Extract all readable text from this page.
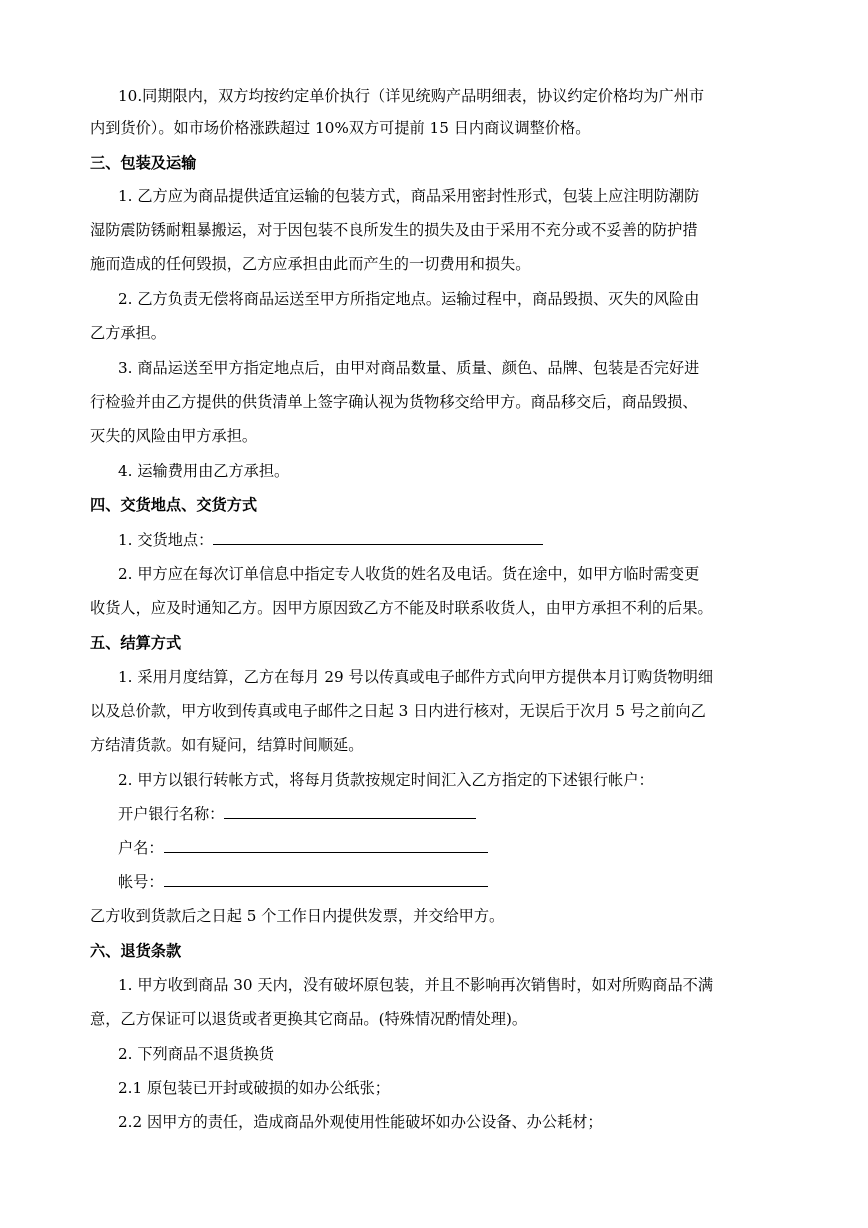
10.同期限内，双方均按约定单价执行（详见统购产品明细表，协议约定价格均为广州市
内到货价）。如市场价格涨跌超过 10%双方可提前 15 日内商议调整价格。
三、包装及运输
1. 乙方应为商品提供适宜运输的包装方式，商品采用密封性形式，包装上应注明防潮防
湿防震防锈耐粗暴搬运，对于因包装不良所发生的损失及由于采用不充分或不妥善的防护措
施而造成的任何毁损，乙方应承担由此而产生的一切费用和损失。
2. 乙方负责无偿将商品运送至甲方所指定地点。运输过程中，商品毁损、灭失的风险由
乙方承担。
3. 商品运送至甲方指定地点后，由甲对商品数量、质量、颜色、品牌、包装是否完好进
行检验并由乙方提供的供货清单上签字确认视为货物移交给甲方。商品移交后，商品毁损、
灭失的风险由甲方承担。
4. 运输费用由乙方承担。
四、交货地点、交货方式
1. 交货地点：
2. 甲方应在每次订单信息中指定专人收货的姓名及电话。货在途中，如甲方临时需变更
收货人，应及时通知乙方。因甲方原因致乙方不能及时联系收货人，由甲方承担不利的后果。
五、结算方式
1. 采用月度结算，乙方在每月 29 号以传真或电子邮件方式向甲方提供本月订购货物明细
以及总价款，甲方收到传真或电子邮件之日起 3 日内进行核对，无误后于次月 5 号之前向乙
方结清货款。如有疑问，结算时间顺延。
2. 甲方以银行转帐方式，将每月货款按规定时间汇入乙方指定的下述银行帐户：
开户银行名称：
户名：
帐号：
乙方收到货款后之日起 5 个工作日内提供发票，并交给甲方。
六、退货条款
1. 甲方收到商品 30 天内，没有破坏原包装，并且不影响再次销售时，如对所购商品不满
意，乙方保证可以退货或者更换其它商品。(特殊情况酌情处理)。
2. 下列商品不退货换货
2.1 原包装已开封或破损的如办公纸张；
2.2 因甲方的责任，造成商品外观使用性能破坏如办公设备、办公耗材；
